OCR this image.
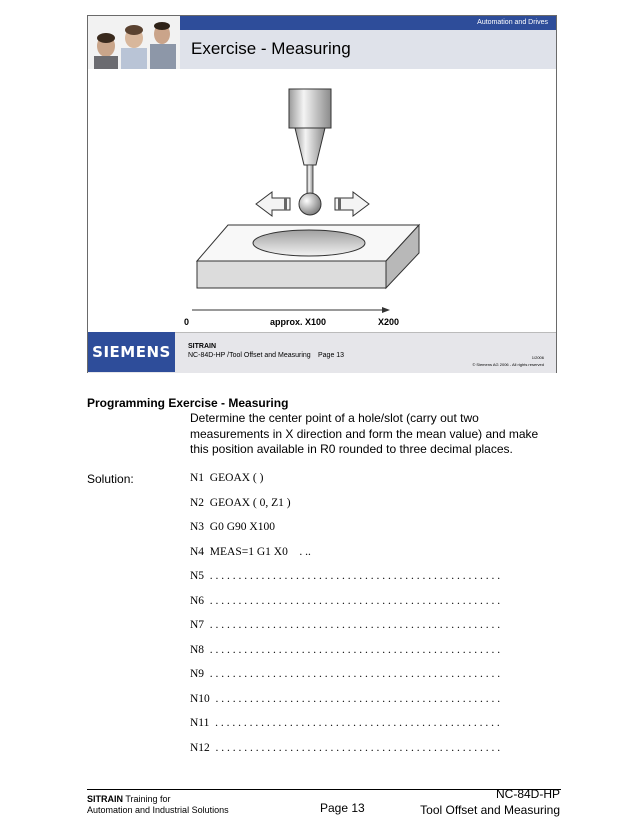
Automation and Drives
Exercise - Measuring
0	approx. X100	X200
SIEMENS	SITRAIN
NC-84D-HP /Tool Offset and Measuring Page 13	1/2006
© Siemens AG 2006 - All rights reserved
Programming Exercise - Measuring
Determine the center point of a hole/slot (carry out two measurements in X direction and form the mean value) and make this position available in R0 rounded to three decimal places.
Solution:	N1  GEOAX ( )
N2  GEOAX ( 0, Z1 )
N3  G0 G90 X100
N4  MEAS=1 G1 X0    . ..
N5  . . . . . . . . . . . . . . . . . . . . . . . . . . . . . . . . . . . . . . . . . . . . . . . . . . .
N6  . . . . . . . . . . . . . . . . . . . . . . . . . . . . . . . . . . . . . . . . . . . . . . . . . . .
N7  . . . . . . . . . . . . . . . . . . . . . . . . . . . . . . . . . . . . . . . . . . . . . . . . . . .
N8  . . . . . . . . . . . . . . . . . . . . . . . . . . . . . . . . . . . . . . . . . . . . . . . . . . .
N9  . . . . . . . . . . . . . . . . . . . . . . . . . . . . . . . . . . . . . . . . . . . . . . . . . . .
N10  . . . . . . . . . . . . . . . . . . . . . . . . . . . . . . . . . . . . . . . . . . . . . . . . . .
N11  . . . . . . . . . . . . . . . . . . . . . . . . . . . . . . . . . . . . . . . . . . . . . . . . . .
N12  . . . . . . . . . . . . . . . . . . . . . . . . . . . . . . . . . . . . . . . . . . . . . . . . . .
SITRAIN Training for
Automation and Industrial Solutions	Page 13
NC-84D-HP
Tool Offset and Measuring
